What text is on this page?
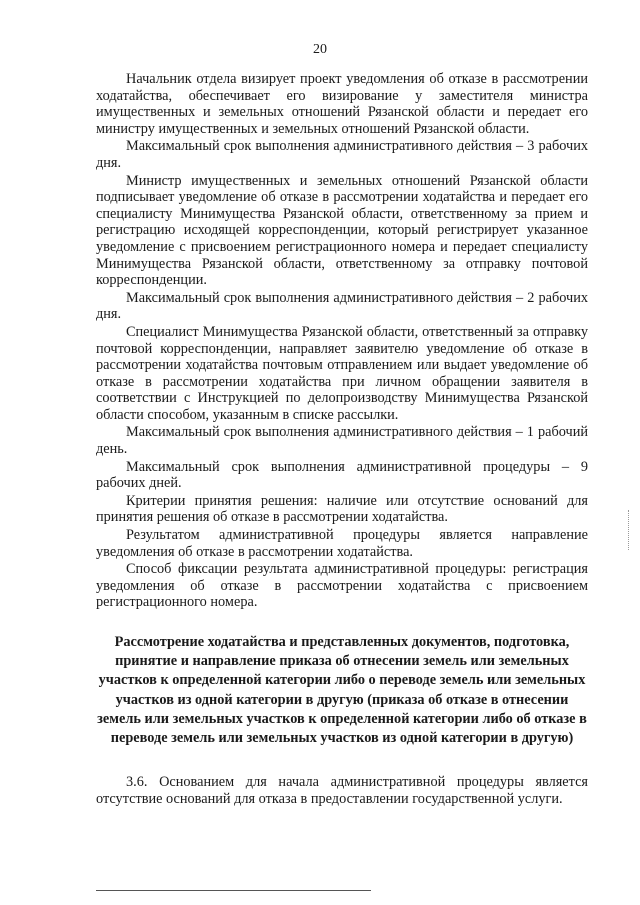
20

Начальник отдела визирует проект уведомления об отказе в рассмотрении ходатайства, обеспечивает его визирование у заместителя министра имущественных и земельных отношений Рязанской области и передает его министру имущественных и земельных отношений Рязанской области.

Максимальный срок выполнения административного действия – 3 рабочих дня.

Министр имущественных и земельных отношений Рязанской области подписывает уведомление об отказе в рассмотрении ходатайства и передает его специалисту Минимущества Рязанской области, ответственному за прием и регистрацию исходящей корреспонденции, который регистрирует указанное уведомление с присвоением регистрационного номера и передает специалисту Минимущества Рязанской области, ответственному за отправку почтовой корреспонденции.

Максимальный срок выполнения административного действия – 2 рабочих дня.

Специалист Минимущества Рязанской области, ответственный за отправку почтовой корреспонденции, направляет заявителю уведомление об отказе в рассмотрении ходатайства почтовым отправлением или выдает уведомление об отказе в рассмотрении ходатайства при личном обращении заявителя в соответствии с Инструкцией по делопроизводству Минимущества Рязанской области способом, указанным в списке рассылки.

Максимальный срок выполнения административного действия – 1 рабочий день.

Максимальный срок выполнения административной процедуры – 9 рабочих дней.

Критерии принятия решения: наличие или отсутствие оснований для принятия решения об отказе в рассмотрении ходатайства.

Результатом административной процедуры является направление уведомления об отказе в рассмотрении ходатайства.

Способ фиксации результата административной процедуры: регистрация уведомления об отказе в рассмотрении ходатайства с присвоением регистрационного номера.

Рассмотрение ходатайства и представленных документов, подготовка, принятие и направление приказа об отнесении земель или земельных участков к определенной категории либо о переводе земель или земельных участков из одной категории в другую (приказа об отказе в отнесении земель или земельных участков к определенной категории либо об отказе в переводе земель или земельных участков из одной категории в другую)

3.6. Основанием для начала административной процедуры является отсутствие оснований для отказа в предоставлении государственной услуги.
